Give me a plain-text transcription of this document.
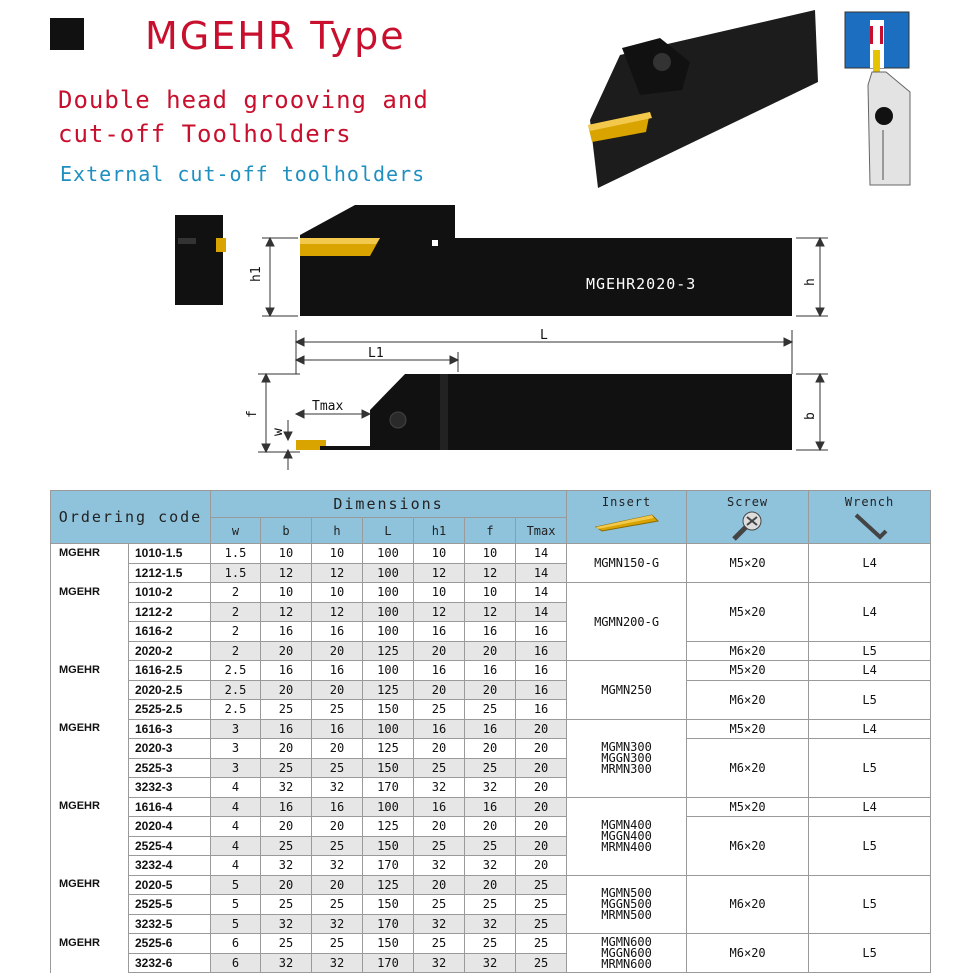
MGEHR Type
Double head grooving and
cut-off Toolholders
External cut-off toolholders
MGEHR2020-3
h1
h
L
L1
f
w
Tmax
b
Ordering code		Dimensions							Insert	Screw	Wrench

		w	b	h	L	h1	f	Tmax			
MGEHR	1010-1.5	1.5	10	10	100	10	10	14	MGMN150-G	M5×20	L4
	1212-1.5	1.5	12	12	100	12	12	14			
MGEHR	1010-2	2	10	10	100	10	10	14	MGMN200-G	M5×20	L4
	1212-2	2	12	12	100	12	12	14			
	1616-2	2	16	16	100	16	16	16			
	2020-2	2	20	20	125	20	20	16		M6×20	L5
MGEHR	1616-2.5	2.5	16	16	100	16	16	16	MGMN250	M5×20	L4
	2020-2.5	2.5	20	20	125	20	20	16		M6×20	L5
	2525-2.5	2.5	25	25	150	25	25	16			
MGEHR	1616-3	3	16	16	100	16	16	20	MGMN300
MGGN300
MRMN300	M5×20	L4
	2020-3	3	20	20	125	20	20	20		M6×20	L5
	2525-3	3	25	25	150	25	25	20			
	3232-3	4	32	32	170	32	32	20			
MGEHR	1616-4	4	16	16	100	16	16	20	MGMN400
MGGN400
MRMN400	M5×20	L4
	2020-4	4	20	20	125	20	20	20		M6×20	L5
	2525-4	4	25	25	150	25	25	20			
	3232-4	4	32	32	170	32	32	20			
MGEHR	2020-5	5	20	20	125	20	20	25	MGMN500
MGGN500
MRMN500	M6×20	L5
	2525-5	5	25	25	150	25	25	25			
	3232-5	5	32	32	170	32	32	25			
MGEHR	2525-6	6	25	25	150	25	25	25	MGMN600
MGGN600
MRMN600	M6×20	L5
	3232-6	6	32	32	170	32	32	25			
